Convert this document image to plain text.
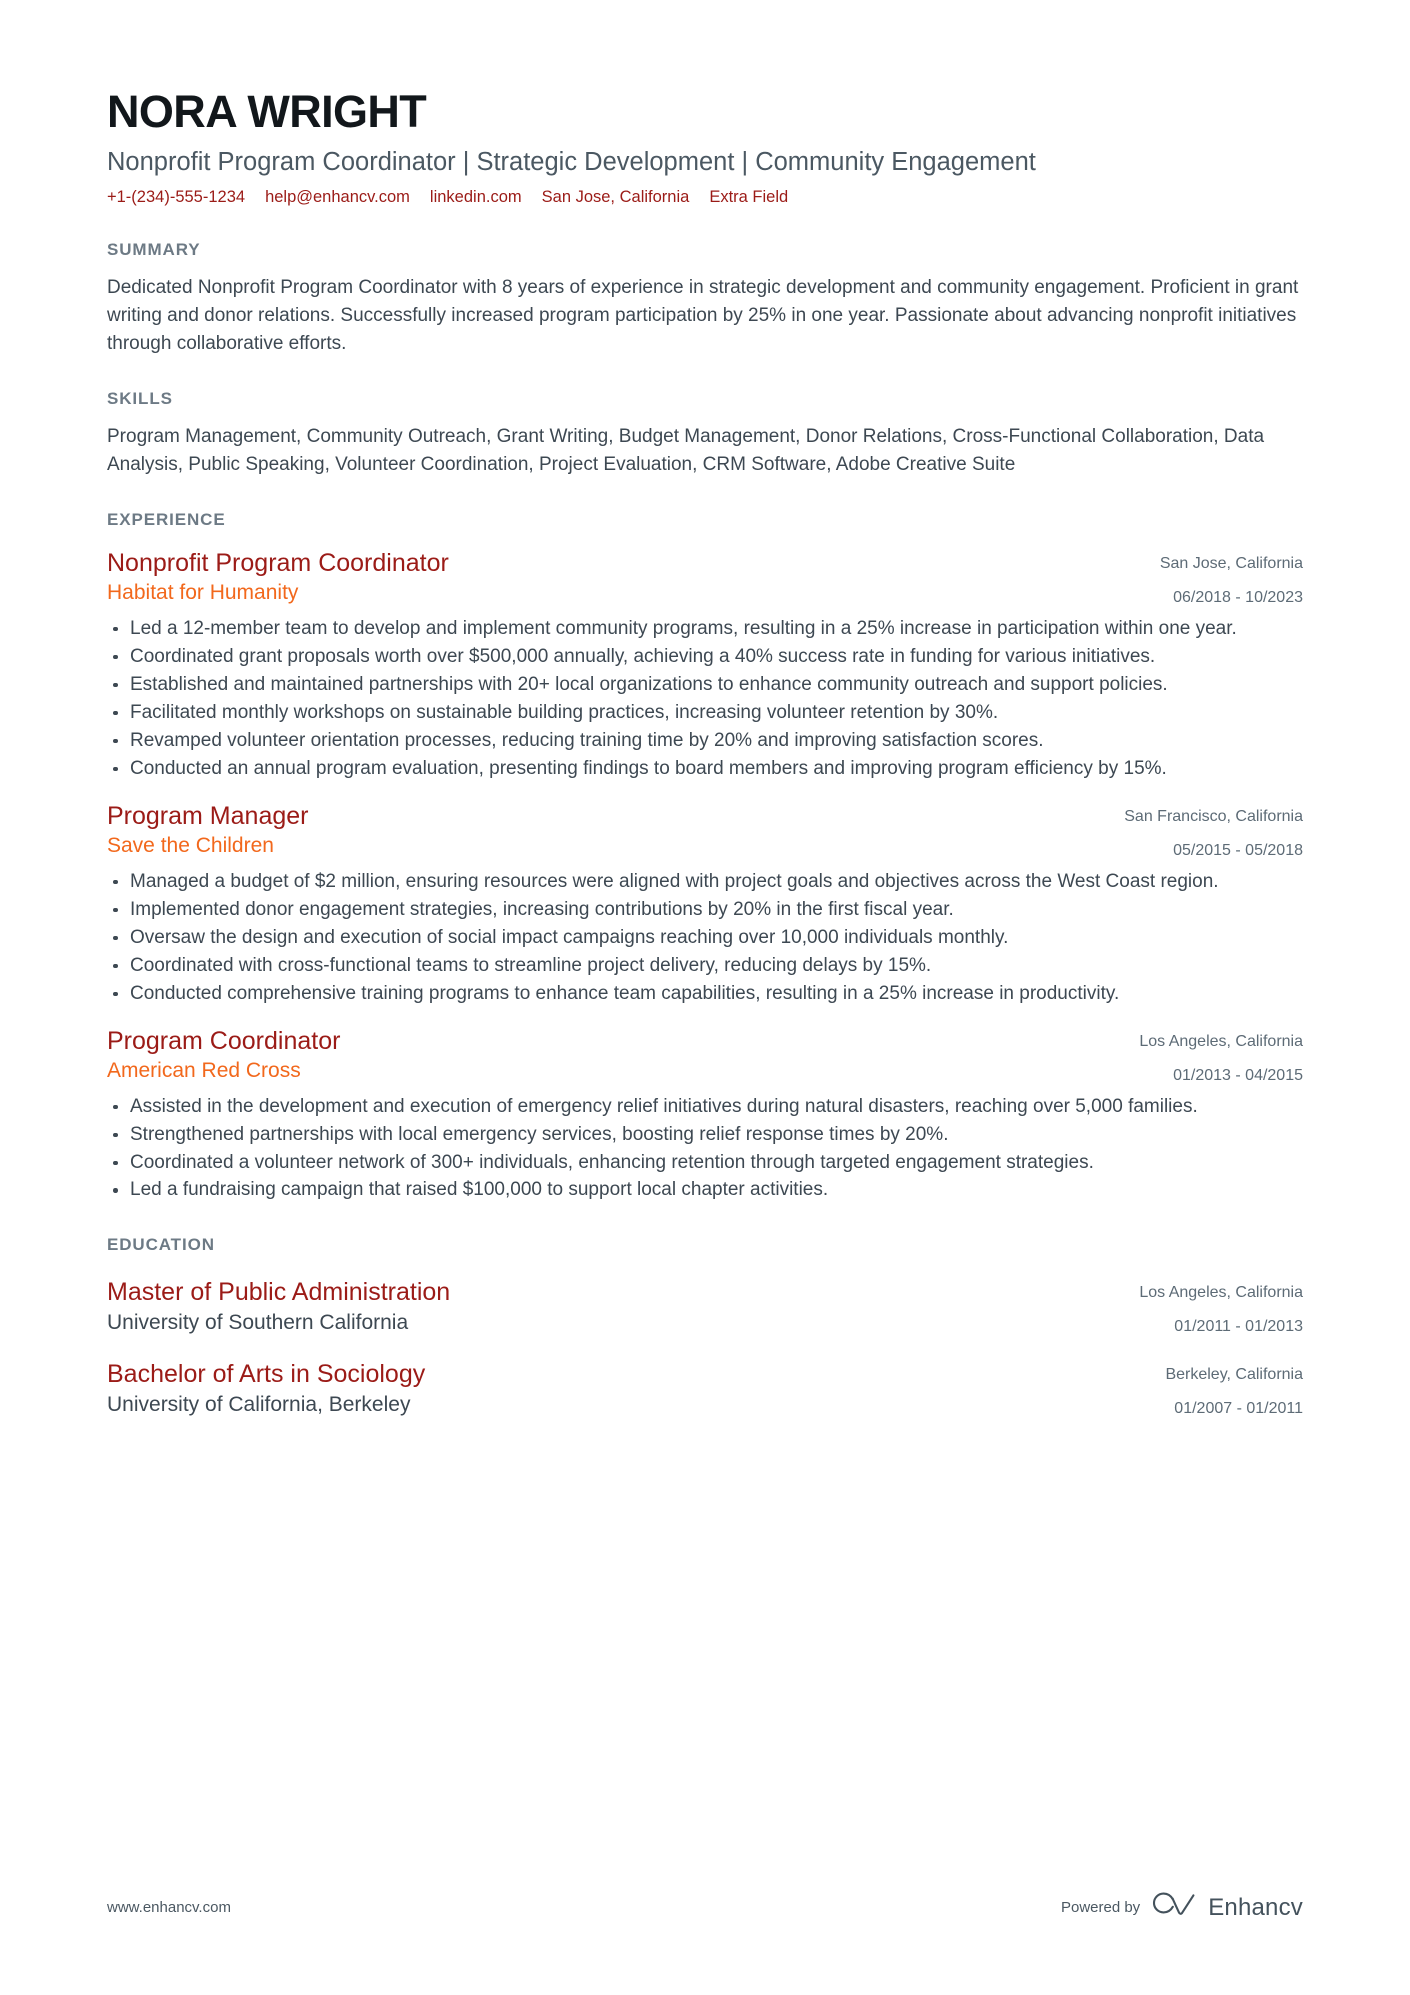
NORA WRIGHT
Nonprofit Program Coordinator | Strategic Development | Community Engagement
+1-(234)-555-1234 help@enhancv.com linkedin.com San Jose, California Extra Field
SUMMARY

Dedicated Nonprofit Program Coordinator with 8 years of experience in strategic development and community engagement. Proficient in grant writing and donor relations. Successfully increased program participation by 25% in one year. Passionate about advancing nonprofit initiatives through collaborative efforts.

SKILLS

Program Management, Community Outreach, Grant Writing, Budget Management, Donor Relations, Cross-Functional Collaboration, Data Analysis, Public Speaking, Volunteer Coordination, Project Evaluation, CRM Software, Adobe Creative Suite

EXPERIENCE
Nonprofit Program Coordinator
Habitat for Humanity
San Jose, California
06/2018 - 10/2023
Led a 12-member team to develop and implement community programs, resulting in a 25% increase in participation within one year.
Coordinated grant proposals worth over $500,000 annually, achieving a 40% success rate in funding for various initiatives.
Established and maintained partnerships with 20+ local organizations to enhance community outreach and support policies.
Facilitated monthly workshops on sustainable building practices, increasing volunteer retention by 30%.
Revamped volunteer orientation processes, reducing training time by 20% and improving satisfaction scores.
Conducted an annual program evaluation, presenting findings to board members and improving program efficiency by 15%.
Program Manager
Save the Children
San Francisco, California
05/2015 - 05/2018
Managed a budget of $2 million, ensuring resources were aligned with project goals and objectives across the West Coast region.
Implemented donor engagement strategies, increasing contributions by 20% in the first fiscal year.
Oversaw the design and execution of social impact campaigns reaching over 10,000 individuals monthly.
Coordinated with cross-functional teams to streamline project delivery, reducing delays by 15%.
Conducted comprehensive training programs to enhance team capabilities, resulting in a 25% increase in productivity.
Program Coordinator
American Red Cross
Los Angeles, California
01/2013 - 04/2015
Assisted in the development and execution of emergency relief initiatives during natural disasters, reaching over 5,000 families.
Strengthened partnerships with local emergency services, boosting relief response times by 20%.
Coordinated a volunteer network of 300+ individuals, enhancing retention through targeted engagement strategies.
Led a fundraising campaign that raised $100,000 to support local chapter activities.
EDUCATION
Master of Public Administration
University of Southern California
Los Angeles, California
01/2011 - 01/2013
Bachelor of Arts in Sociology
University of California, Berkeley
Berkeley, California
01/2007 - 01/2011
www.enhancv.com	Powered by	Enhancv
